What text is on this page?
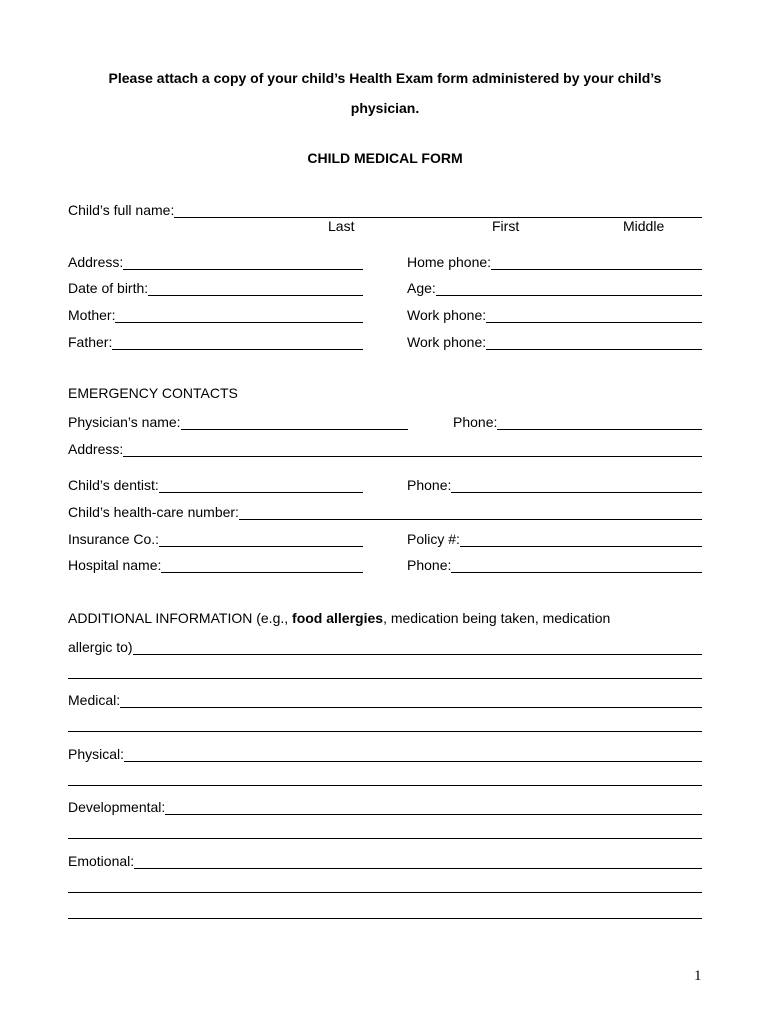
Please attach a copy of your child’s Health Exam form administered by your child’s
physician.
CHILD MEDICAL FORM
Child’s full name:
Last	First	Middle
Address:	Home phone:
Date of birth:	Age:
Mother:	Work phone:
Father:	Work phone:
EMERGENCY CONTACTS
Physician’s name:	Phone:
Address:
Child’s dentist:	Phone:
Child’s health-care number:
Insurance Co.:	Policy #:
Hospital name:	Phone:
ADDITIONAL INFORMATION (e.g., food allergies, medication being taken, medication
allergic to)
Medical:
Physical:
Developmental:
Emotional:
1
